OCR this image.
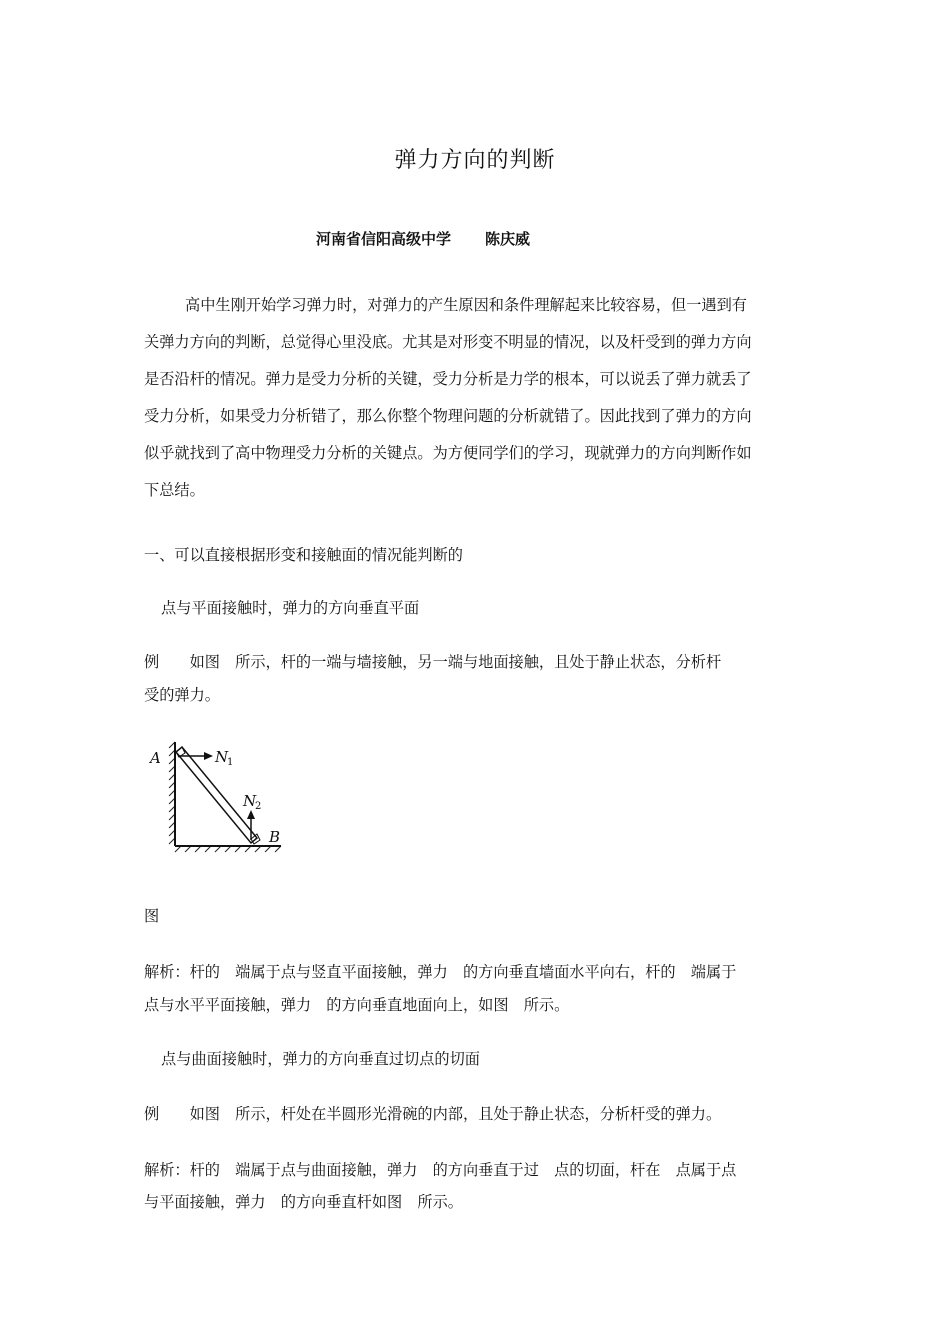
弹力方向的判断
河南省信阳高级中学 陈庆威
高中生刚开始学习弹力时，对弹力的产生原因和条件理解起来比较容易，但一遇到有
关弹力方向的判断，总觉得心里没底。尤其是对形变不明显的情况，以及杆受到的弹力方向
是否沿杆的情况。弹力是受力分析的关键，受力分析是力学的根本，可以说丢了弹力就丢了
受力分析，如果受力分析错了，那么你整个物理问题的分析就错了。因此找到了弹力的方向
似乎就找到了高中物理受力分析的关键点。为方便同学们的学习，现就弹力的方向判断作如
下总结。
一、可以直接根据形变和接触面的情况能判断的
点与平面接触时，弹力的方向垂直平面
例　　如图　所示，杆的一端与墙接触，另一端与地面接触，且处于静止状态，分析杆
受的弹力。
A	N
1
N
2
B
图
解析：杆的　端属于点与竖直平面接触，弹力　的方向垂直墙面水平向右，杆的　端属于
点与水平平面接触，弹力　的方向垂直地面向上，如图　所示。
点与曲面接触时，弹力的方向垂直过切点的切面
例　　如图　所示，杆处在半圆形光滑碗的内部，且处于静止状态，分析杆受的弹力。
解析：杆的　端属于点与曲面接触，弹力　的方向垂直于过　点的切面，杆在　点属于点
与平面接触，弹力　的方向垂直杆如图　所示。
